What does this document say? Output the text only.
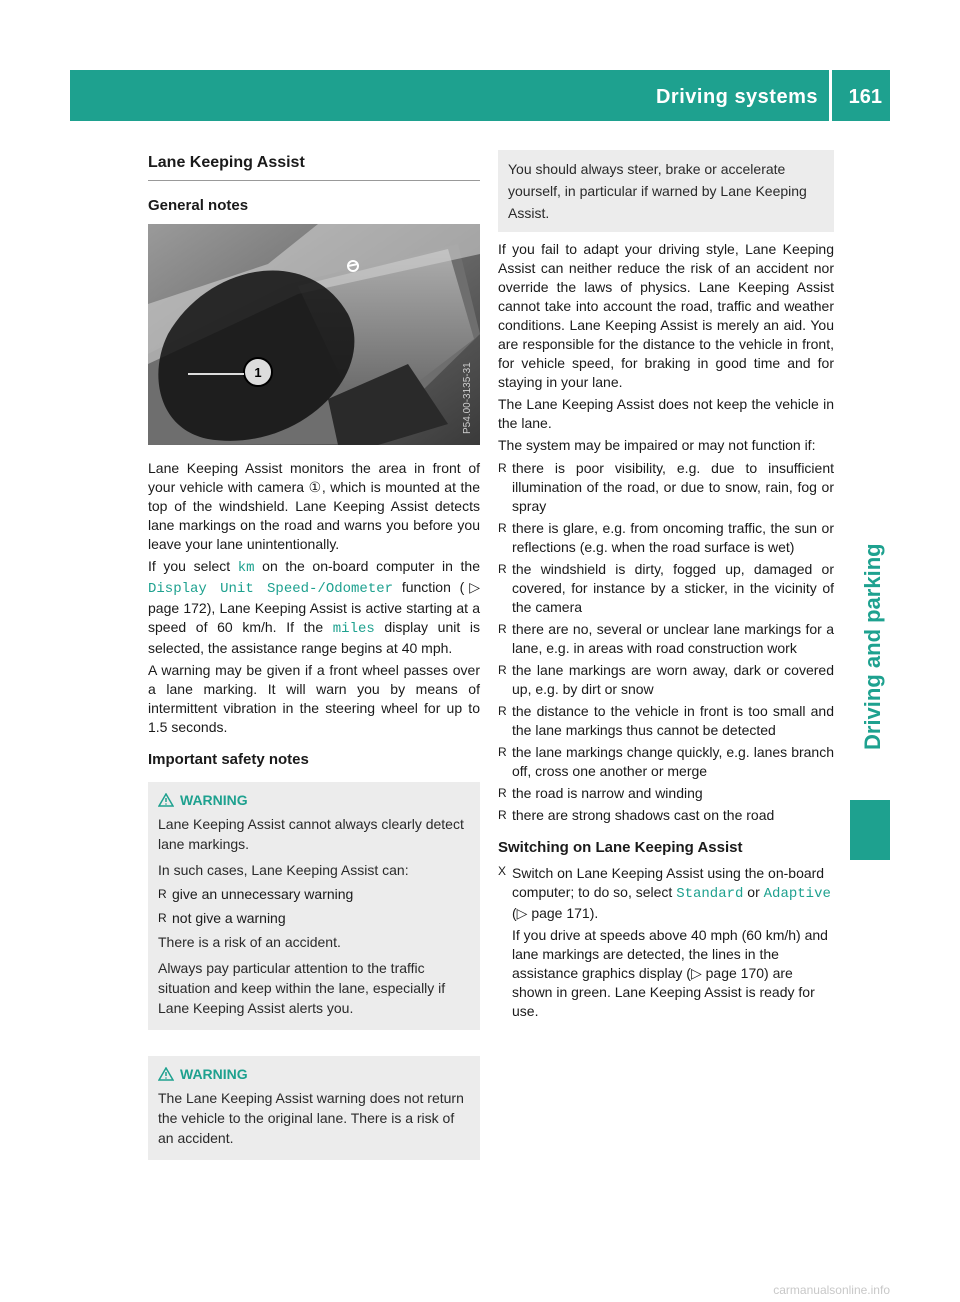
Driving systems 161
Driving and parking
Lane Keeping Assist
General notes
1	P54.00-3135-31

Lane Keeping Assist monitors the area in front of your vehicle with camera ①, which is mounted at the top of the windshield. Lane Keeping Assist detects lane markings on the road and warns you before you leave your lane unintentionally.

If you select km on the on-board computer in the Display Unit Speed-/Odometer function (▷ page 172), Lane Keeping Assist is active starting at a speed of 60 km/h. If the miles display unit is selected, the assistance range begins at 40 mph.

A warning may be given if a front wheel passes over a lane marking. It will warn you by means of intermittent vibration in the steering wheel for up to 1.5 seconds.

Important safety notes
WARNING

Lane Keeping Assist cannot always clearly detect lane markings.

In such cases, Lane Keeping Assist can:

R give an unnecessary warning
R not give a warning

There is a risk of an accident.

Always pay particular attention to the traffic situation and keep within the lane, especially if Lane Keeping Assist alerts you.

WARNING

The Lane Keeping Assist warning does not return the vehicle to the original lane. There is a risk of an accident.

You should always steer, brake or accelerate yourself, in particular if warned by Lane Keeping Assist.

If you fail to adapt your driving style, Lane Keeping Assist can neither reduce the risk of an accident nor override the laws of physics. Lane Keeping Assist cannot take into account the road, traffic and weather conditions. Lane Keeping Assist is merely an aid. You are responsible for the distance to the vehicle in front, for vehicle speed, for braking in good time and for staying in your lane.

The Lane Keeping Assist does not keep the vehicle in the lane.

The system may be impaired or may not function if:

R there is poor visibility, e.g. due to insufficient illumination of the road, or due to snow, rain, fog or spray
R there is glare, e.g. from oncoming traffic, the sun or reflections (e.g. when the road surface is wet)
R the windshield is dirty, fogged up, damaged or covered, for instance by a sticker, in the vicinity of the camera
R there are no, several or unclear lane markings for a lane, e.g. in areas with road construction work
R the lane markings are worn away, dark or covered up, e.g. by dirt or snow
R the distance to the vehicle in front is too small and the lane markings thus cannot be detected
R the lane markings change quickly, e.g. lanes branch off, cross one another or merge
R the road is narrow and winding
R there are strong shadows cast on the road
Switching on Lane Keeping Assist
X Switch on Lane Keeping Assist using the on-board computer; to do so, select Standard or Adaptive (▷ page 171).

If you drive at speeds above 40 mph (60 km/h) and lane markings are detected, the lines in the assistance graphics display (▷ page 170) are shown in green. Lane Keeping Assist is ready for use.

carmanualsonline.info
